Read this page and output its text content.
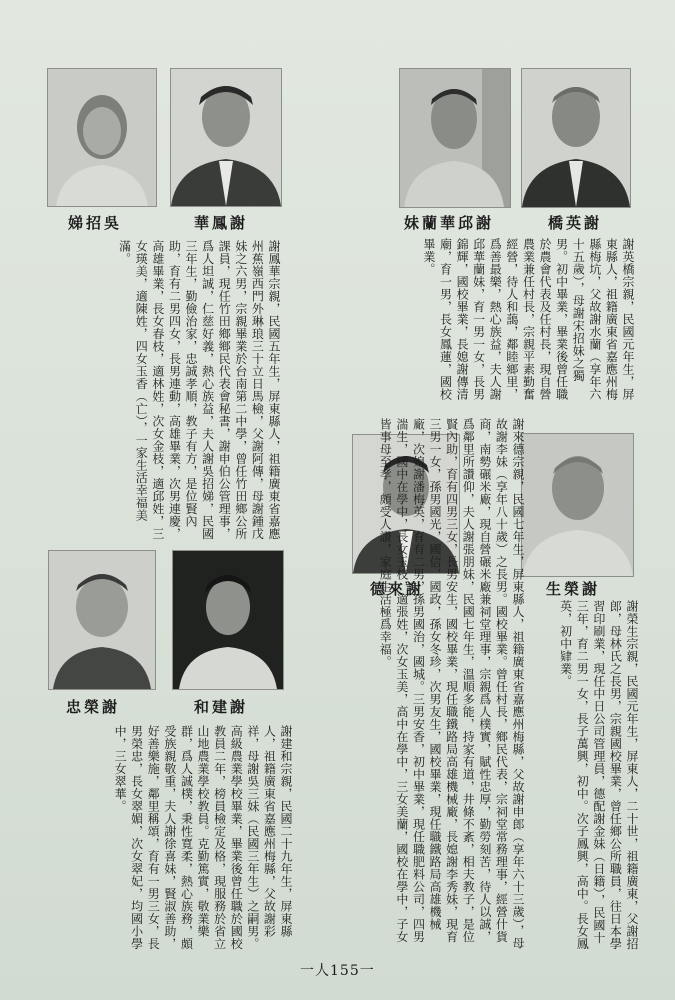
吳招娣	謝鳳華	謝邱華蘭妹	謝英橋
謝英橋宗親，民國元年生，屏東縣人，祖籍廣東省嘉應州梅縣梅坑，父故謝水蘭（享年六十五歲），母謝宋招妹之獨男。初中畢業，畢業後曾任職於農會代表及任村長，現自營農業兼任村長，宗親平素勤奮經營，待人和藹，鄰睦鄉里，爲善最樂，熱心族益，夫人謝邱華蘭妹，育一男一女，長男錦輝，國校畢業，長媳謝傳清廟，育一男，長女鳳蓮，國校畢業。
謝鳳華宗親，民國五年生，屏東縣人，祖籍廣東省嘉應州蕉嶺西門外琳琅三十立日馬檢，父謝阿傳，母謝鍾戊妹之六男，宗親畢業於台南第二中學，曾任竹田鄉公所課員，現任竹田鄉鄉民代表會秘書，謝申伯公管理事，爲人坦誠，仁慈好義，熱心族益，夫人謝吳招娣，民國三年生，勤儉治家，忠誠孝順，教子有方，是位賢內助，育有二男四女，長男連動，高雄畢業，次男連慶，高雄畢業，長女春枝，適林姓，次女金枝，適邱姓，三女瑛美，適陳姓，四女玉香（亡），一家生活幸福美滿。
謝來德	謝榮生
謝來德宗親，民國七年生，屏東縣人，祖籍廣東省嘉應州梅縣，父故謝申郎（享年六十三歲），母故謝李妹（享年八十歲）之長男。國校畢業。曾任村長，鄉民代表，宗祠堂常務理事，經營什貨商，南勢碾米廠，現自營碾米廠兼祠堂理事，宗親爲人樸實，賦性忠厚，勤勞刻苦，待人以誠，爲鄰里所讚仰，夫人謝張朋妹，民國七年生，溫順多能，持家有道，井條不紊，相夫教子，是位賢內助，育有四男三女，長男安生，國校畢業，現任職鐵路局高雄機械廠，長媳謝李秀妹，現育三男一女，孫男國光，國信，國政，孫女冬珍，次男友生，國校畢業，現任職鐵路局高雄機械廠，次媳謝潘梅英，育有二男，孫男國治，國城。三男安香，初中畢業，現任職肥料公司，四男湍生，國中在學中，長女玉枝，適張姓，次女玉美，高中在學中，三女美蘭，國校在學中，子女皆事母至孝，頗受人讚，家庭生活極爲幸福。
謝榮生宗親，民國元年生，屏東人，二十世，祖籍廣東，父謝招郎，母林氏之長男，宗親國校畢業，曾任鄉公所職員，往日本學習印刷業，現任中日公司管理員，德配謝金妹（日籍），民國十三年，育二男一女，長子萬興，初中。次子鳳興，高中。長女鳳英，初中肄業。
謝榮忠	謝建和
謝建和宗親，民國二十九年生，屏東縣人，祖籍廣東省嘉應州梅縣，父故謝彩祥，母謝吳三妹（民國三年生）之嗣男。高級農業學校畢業，畢業後曾任職於國校教員二年，榜員檢定及格，現服務於省立山地農業學校教員。克勤篤實，敬業樂群，爲人誠樸，秉性寬柔，熱心族務，頗受族親敬重，夫人謝徐喜妹，賢淑善助，好善樂施，鄰里稱頌，育有一男三女，長男榮忠，長女翠媚，次女翠妃，均國小學中，三女翠華。
一人155一
